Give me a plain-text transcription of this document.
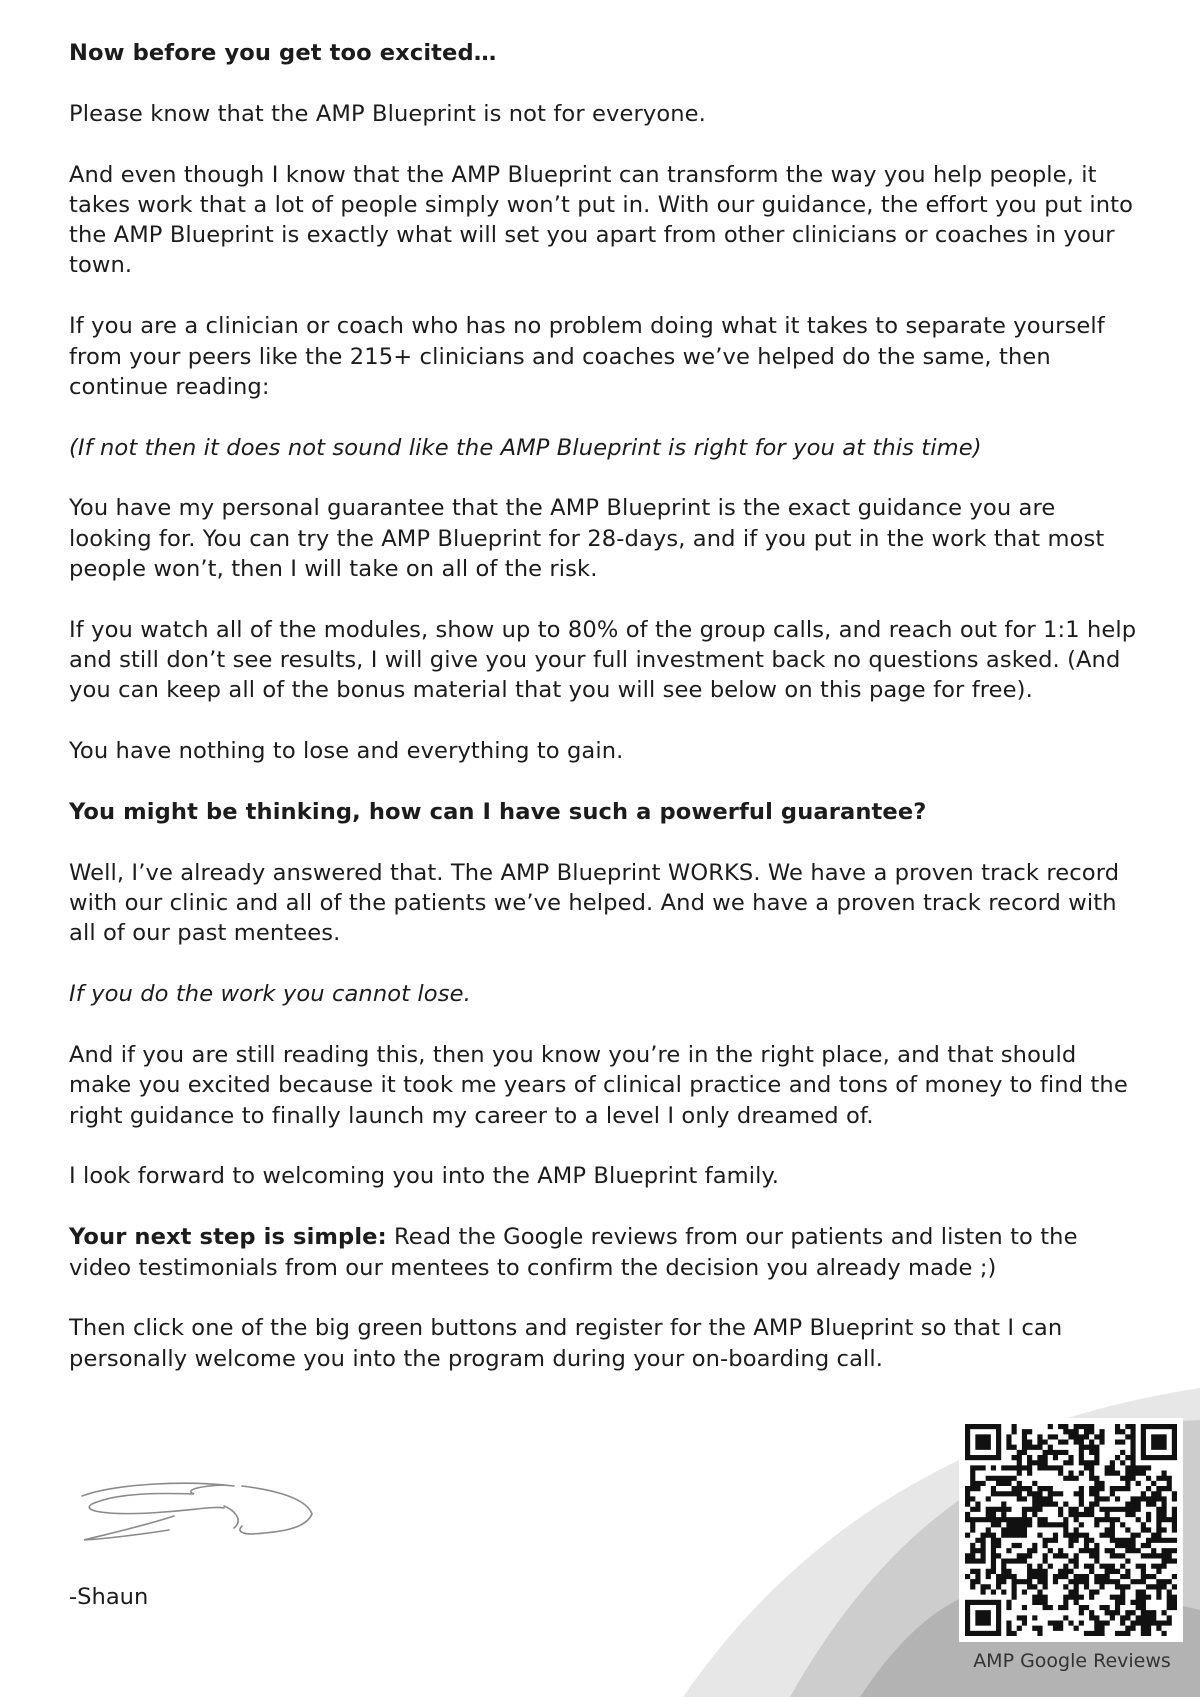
Now before you get too excited…

Please know that the AMP Blueprint is not for everyone.

And even though I know that the AMP Blueprint can transform the way you help people, it takes work that a lot of people simply won’t put in. With our guidance, the effort you put into the AMP Blueprint is exactly what will set you apart from other clinicians or coaches in your town.

If you are a clinician or coach who has no problem doing what it takes to separate yourself from your peers like the 215+ clinicians and coaches we’ve helped do the same, then continue reading:

(If not then it does not sound like the AMP Blueprint is right for you at this time)

You have my personal guarantee that the AMP Blueprint is the exact guidance you are looking for. You can try the AMP Blueprint for 28-days, and if you put in the work that most people won’t, then I will take on all of the risk.

If you watch all of the modules, show up to 80% of the group calls, and reach out for 1:1 help and still don’t see results, I will give you your full investment back no questions asked. (And you can keep all of the bonus material that you will see below on this page for free).

You have nothing to lose and everything to gain.

You might be thinking, how can I have such a powerful guarantee?

Well, I’ve already answered that. The AMP Blueprint WORKS. We have a proven track record with our clinic and all of the patients we’ve helped. And we have a proven track record with all of our past mentees.

If you do the work you cannot lose.

And if you are still reading this, then you know you’re in the right place, and that should make you excited because it took me years of clinical practice and tons of money to find the right guidance to finally launch my career to a level I only dreamed of.

I look forward to welcoming you into the AMP Blueprint family.

Your next step is simple: Read the Google reviews from our patients and listen to the video testimonials from our mentees to confirm the decision you already made ;)

Then click one of the big green buttons and register for the AMP Blueprint so that I can personally welcome you into the program during your on-boarding call.

-Shaun
AMP Google Reviews
